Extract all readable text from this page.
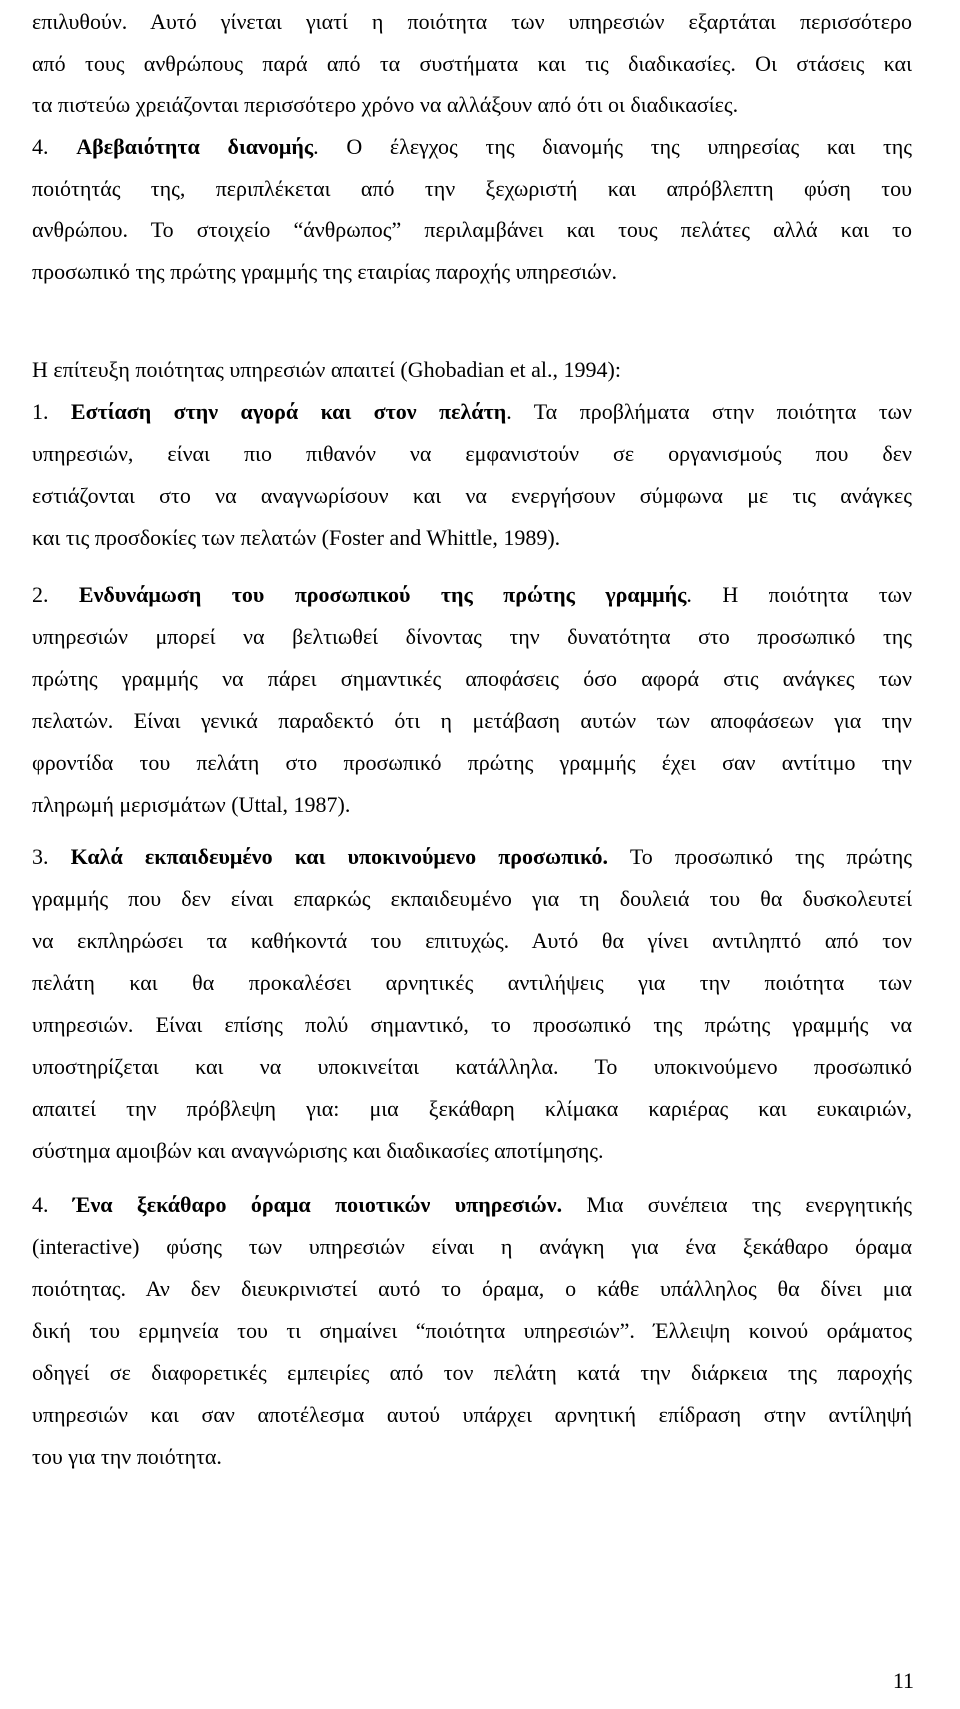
επιλυθούν. Αυτό γίνεται γιατί η ποιότητα των υπηρεσιών εξαρτάται περισσότερο
από τους ανθρώπους παρά από τα συστήματα και τις διαδικασίες. Οι στάσεις και
τα πιστεύω χρειάζονται περισσότερο χρόνο να αλλάξουν από ότι οι διαδικασίες.
4. Αβεβαιότητα διανομής. Ο έλεγχος της διανομής της υπηρεσίας και της
ποιότητάς της, περιπλέκεται από την ξεχωριστή και απρόβλεπτη φύση του
ανθρώπου. Το στοιχείο “άνθρωπος” περιλαμβάνει και τους πελάτες αλλά και το
προσωπικό της πρώτης γραμμής της εταιρίας παροχής υπηρεσιών.
Η επίτευξη ποιότητας υπηρεσιών απαιτεί (Ghobadian et al., 1994):
1. Εστίαση στην αγορά και στον πελάτη. Τα προβλήματα στην ποιότητα των
υπηρεσιών, είναι πιο πιθανόν να εμφανιστούν σε οργανισμούς που δεν
εστιάζονται στο να αναγνωρίσουν και να ενεργήσουν σύμφωνα με τις ανάγκες
και τις προσδοκίες των πελατών (Foster and Whittle, 1989).
2. Ενδυνάμωση του προσωπικού της πρώτης γραμμής. Η ποιότητα των
υπηρεσιών μπορεί να βελτιωθεί δίνοντας την δυνατότητα στο προσωπικό της
πρώτης γραμμής να πάρει σημαντικές αποφάσεις όσο αφορά στις ανάγκες των
πελατών. Είναι γενικά παραδεκτό ότι η μετάβαση αυτών των αποφάσεων για την
φροντίδα του πελάτη στο προσωπικό πρώτης γραμμής έχει σαν αντίτιμο την
πληρωμή μερισμάτων (Uttal, 1987).
3. Καλά εκπαιδευμένο και υποκινούμενο προσωπικό. Το προσωπικό της πρώτης
γραμμής που δεν είναι επαρκώς εκπαιδευμένο για τη δουλειά του θα δυσκολευτεί
να εκπληρώσει τα καθήκοντά του επιτυχώς. Αυτό θα γίνει αντιληπτό από τον
πελάτη και θα προκαλέσει αρνητικές αντιλήψεις για την ποιότητα των
υπηρεσιών. Είναι επίσης πολύ σημαντικό, το προσωπικό της πρώτης γραμμής να
υποστηρίζεται και να υποκινείται κατάλληλα. Το υποκινούμενο προσωπικό
απαιτεί την πρόβλεψη για: μια ξεκάθαρη κλίμακα καριέρας και ευκαιριών,
σύστημα αμοιβών και αναγνώρισης και διαδικασίες αποτίμησης.
4. Ένα ξεκάθαρο όραμα ποιοτικών υπηρεσιών. Μια συνέπεια της ενεργητικής
(interactive) φύσης των υπηρεσιών είναι η ανάγκη για ένα ξεκάθαρο όραμα
ποιότητας. Αν δεν διευκρινιστεί αυτό το όραμα, ο κάθε υπάλληλος θα δίνει μια
δική του ερμηνεία του τι σημαίνει “ποιότητα υπηρεσιών”. Έλλειψη κοινού οράματος
οδηγεί σε διαφορετικές εμπειρίες από τον πελάτη κατά την διάρκεια της παροχής
υπηρεσιών και σαν αποτέλεσμα αυτού υπάρχει αρνητική επίδραση στην αντίληψή
του για την ποιότητα.
11
